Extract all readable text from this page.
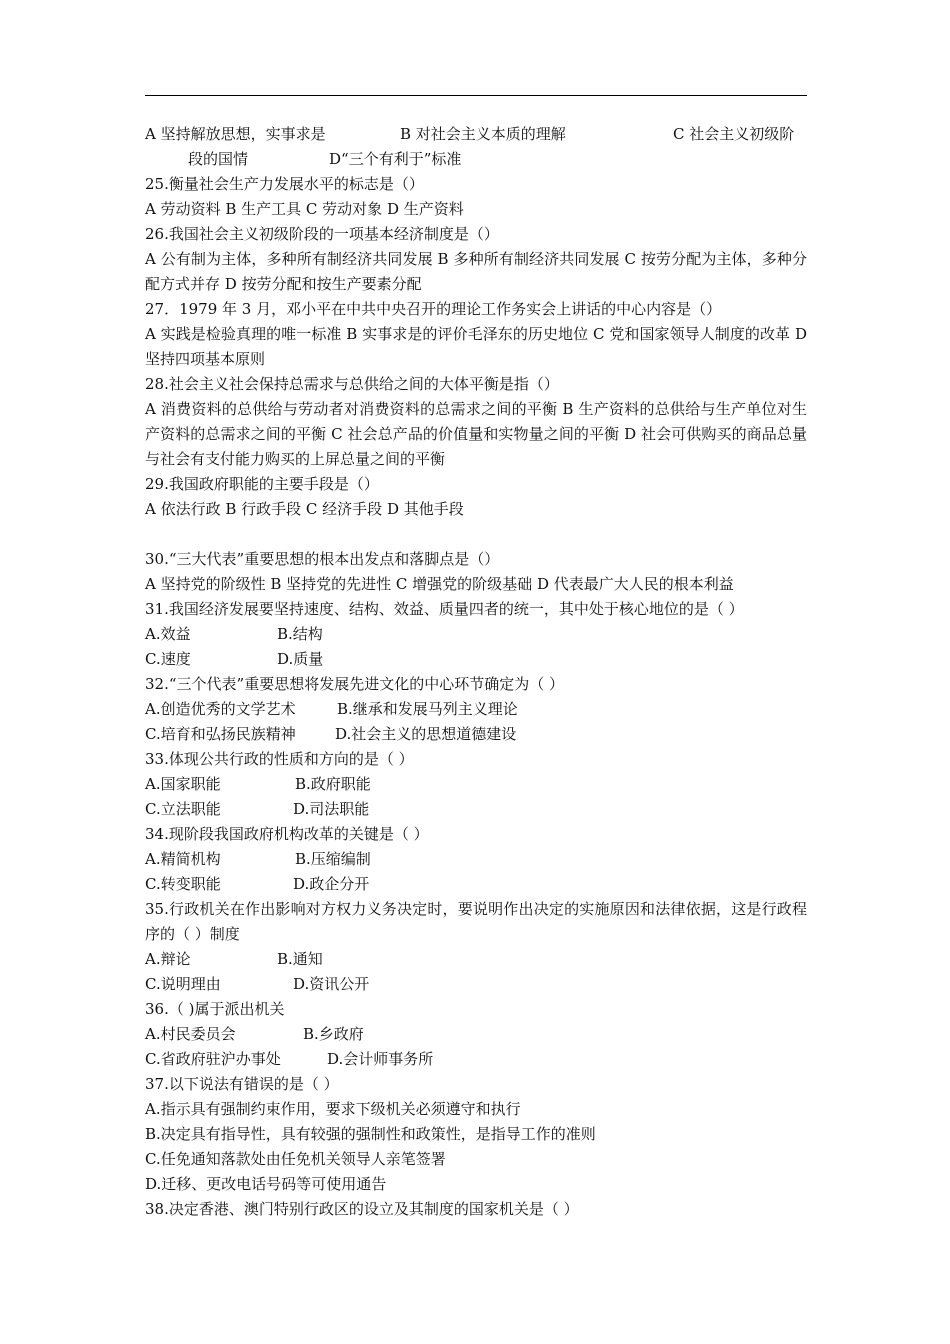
A 坚持解放思想，实事求是	B 对社会主义本质的理解	C 社会主义初级阶
段的国情	D“三个有利于”标准
25.衡量社会生产力发展水平的标志是（）
A 劳动资料 B 生产工具 C 劳动对象 D 生产资料
26.我国社会主义初级阶段的一项基本经济制度是（）
A 公有制为主体，多种所有制经济共同发展 B 多种所有制经济共同发展 C 按劳分配为主体，多种分配方式并存 D 按劳分配和按生产要素分配
27．1979 年 3 月，邓小平在中共中央召开的理论工作务实会上讲话的中心内容是（）
A 实践是检验真理的唯一标准 B 实事求是的评价毛泽东的历史地位 C 党和国家领导人制度的改革 D 坚持四项基本原则
28.社会主义社会保持总需求与总供给之间的大体平衡是指（）
A 消费资料的总供给与劳动者对消费资料的总需求之间的平衡 B 生产资料的总供给与生产单位对生产资料的总需求之间的平衡 C 社会总产品的价值量和实物量之间的平衡 D 社会可供购买的商品总量与社会有支付能力购买的上屏总量之间的平衡
29.我国政府职能的主要手段是（）
A 依法行政 B 行政手段 C 经济手段 D 其他手段
30.“三大代表”重要思想的根本出发点和落脚点是（）
A 坚持党的阶级性 B 坚持党的先进性 C 增强党的阶级基础 D 代表最广大人民的根本利益
31.我国经济发展要坚持速度、结构、效益、质量四者的统一，其中处于核心地位的是（ ）
A.效益	B.结构
C.速度	D.质量
32.“三个代表”重要思想将发展先进文化的中心环节确定为（ ）
A.创造优秀的文学艺术	B.继承和发展马列主义理论
C.培育和弘扬民族精神	D.社会主义的思想道德建设
33.体现公共行政的性质和方向的是（ ）
A.国家职能	B.政府职能
C.立法职能	D.司法职能
34.现阶段我国政府机构改革的关键是（ ）
A.精简机构	B.压缩编制
C.转变职能	D.政企分开
35.行政机关在作出影响对方权力义务决定时，要说明作出决定的实施原因和法律依据，这是行政程序的（ ）制度
A.辩论	B.通知
C.说明理由	D.资讯公开
36.（ )属于派出机关
A.村民委员会	B.乡政府
C.省政府驻沪办事处	D.会计师事务所
37.以下说法有错误的是（ ）
A.指示具有强制约束作用，要求下级机关必须遵守和执行
B.决定具有指导性，具有较强的强制性和政策性，是指导工作的准则
C.任免通知落款处由任免机关领导人亲笔签署
D.迁移、更改电话号码等可使用通告
38.决定香港、澳门特别行政区的设立及其制度的国家机关是（ ）
